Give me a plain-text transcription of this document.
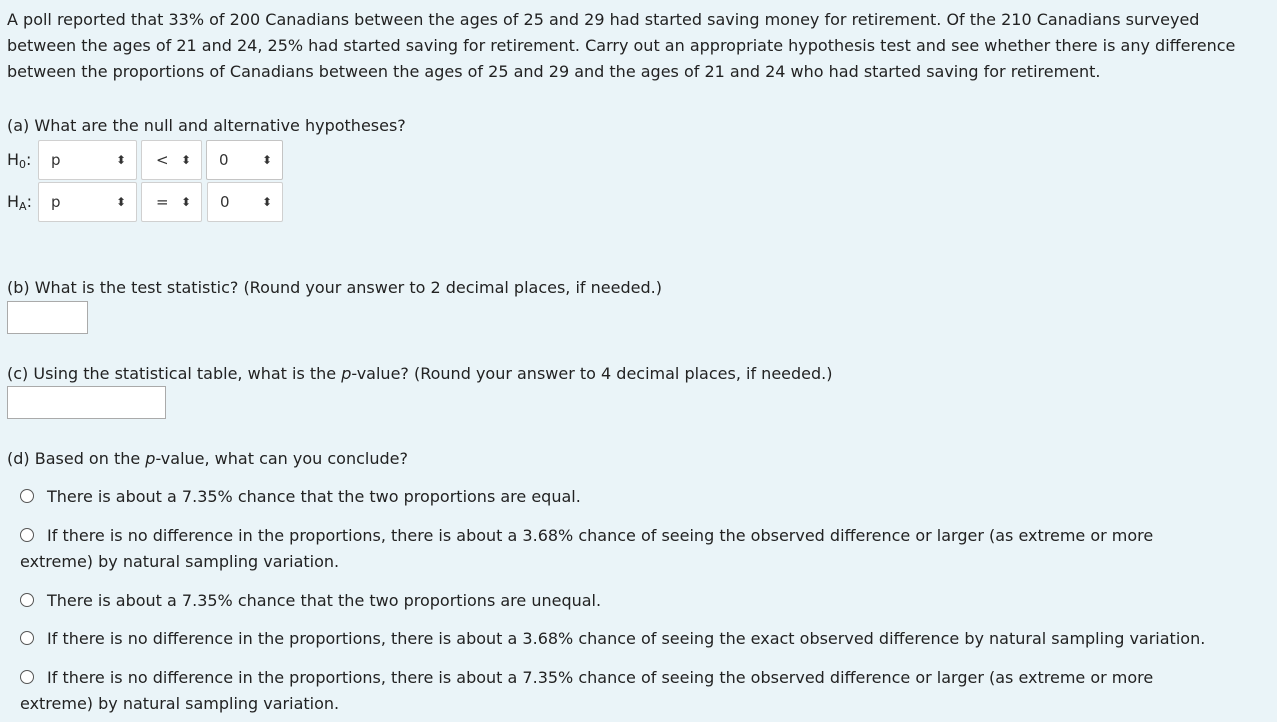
A poll reported that 33% of 200 Canadians between the ages of 25 and 29 had started saving money for retirement. Of the 210 Canadians surveyed between the ages of 21 and 24, 25% had started saving for retirement. Carry out an appropriate hypothesis test and see whether there is any difference between the proportions of Canadians between the ages of 25 and 29 and the ages of 21 and 24 who had started saving for retirement.

(a) What are the null and alternative hypotheses?

$H_0$: p	⬍ < ⬍ 0	⬍
$H_A$: p	⬍ = ⬍ 0	⬍

(b) What is the test statistic? (Round your answer to 2 decimal places, if needed.)

(c) Using the statistical table, what is the p-value? (Round your answer to 4 decimal places, if needed.)

(d) Based on the p-value, what can you conclude?

There is about a 7.35% chance that the two proportions are equal.
If there is no difference in the proportions, there is about a 3.68% chance of seeing the observed difference or larger (as extreme or more extreme) by natural sampling variation.
There is about a 7.35% chance that the two proportions are unequal.
If there is no difference in the proportions, there is about a 3.68% chance of seeing the exact observed difference by natural sampling variation.
If there is no difference in the proportions, there is about a 7.35% chance of seeing the observed difference or larger (as extreme or more extreme) by natural sampling variation.
